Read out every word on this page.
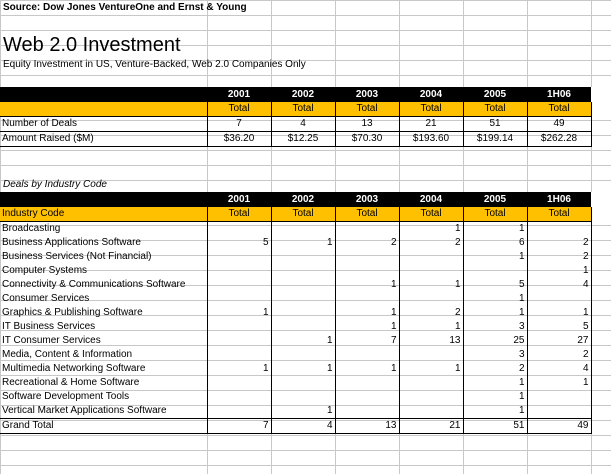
Source: Dow Jones VentureOne and Ernst & Young
Web 2.0 Investment
Equity Investment in US, Venture-Backed, Web 2.0 Companies Only
	2001	2002	2003	2004	2005	1H06	
	Total	Total	Total	Total	Total	Total	
Number of Deals	7	4	13	21	51	49	
Amount Raised ($M)	$36.20	$12.25	$70.30	$193.60	$199.14	$262.28	
Deals by Industry Code
	2001	2002	2003	2004	2005	1H06	
Industry Code	Total	Total	Total	Total	Total	Total	
Broadcasting				1	1		
Business Applications Software	5	1	2	2	6	2	
Business Services (Not Financial)					1	2	
Computer Systems						1	
Connectivity & Communications Software			1	1	5	4	
Consumer Services					1		
Graphics & Publishing Software	1		1	2	1	1	
IT Business Services			1	1	3	5	
IT Consumer Services		1	7	13	25	27	
Media, Content & Information					3	2	
Multimedia Networking Software	1	1	1	1	2	4	
Recreational & Home Software					1	1	
Software Development Tools					1		
Vertical Market Applications Software		1			1		
Grand Total	7	4	13	21	51	49	
